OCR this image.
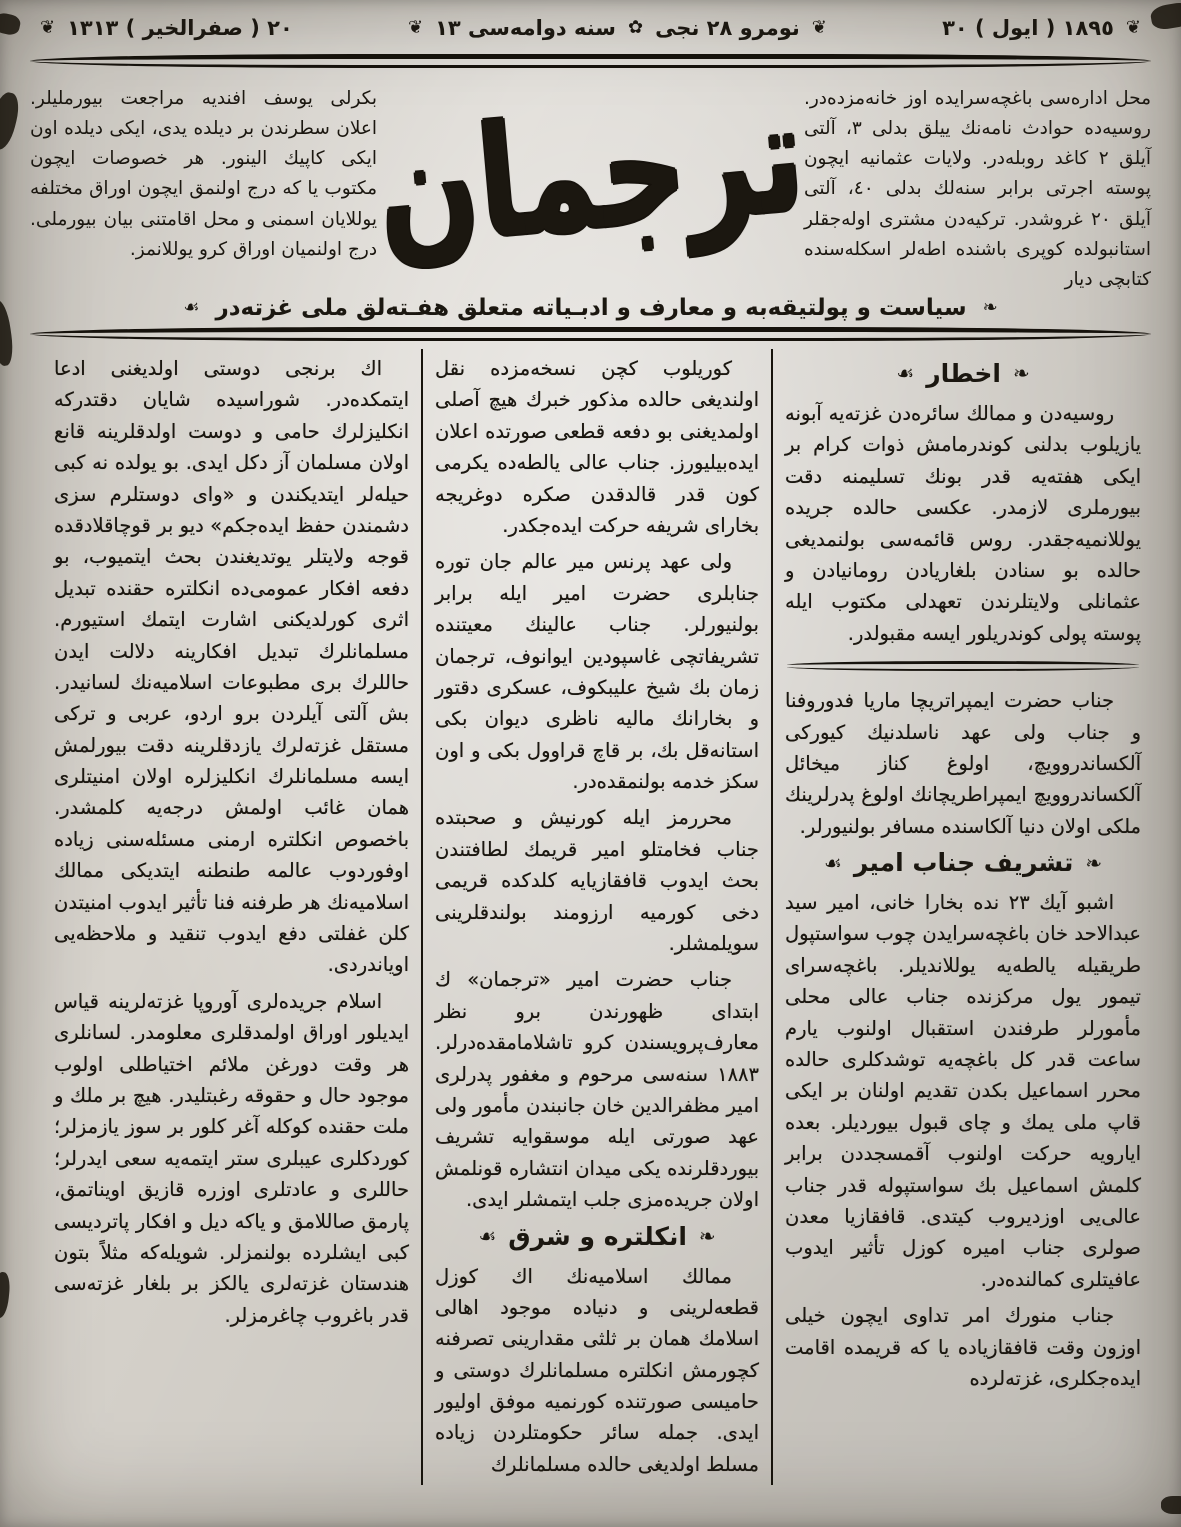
❦
١٨٩٥ ( ايول ) ٣٠
❦
نومرو ٢٨ نجى
✿
سنه دوامه‌سى ١٣
❦
٢٠ ( صفرالخير ) ١٣١٣
❦
محل اداره‌سى باغچه‌سرايده اوز خانه‌مزده‌در. روسيه‌ده حوادث نامه‌نك ييلق بدلى ٣، آلتى آيلق ٢ كاغد روبله‌در. ولايات عثمانيه ايچون پوسته اجرتى برابر سنه‌لك بدلى ٤٠، آلتى آيلق ٢٠ غروشدر. تركيه‌دن مشترى اوله‌جقلر استانبولده كوپرى باشنده اطه‌لر اسكله‌سنده كتابچى ديار
ترجمان
بكرلى يوسف افنديه مراجعت بيورمليلر. اعلان سطرندن بر ديلده يدى، ايكى ديلده اون ايكى كاپيك الينور. هر خصوصات ايچون مكتوب يا كه درج اولنمق ايچون اوراق مختلفه يوللايان اسمنى و محل اقامتنى بيان بيورملى. درج اولنميان اوراق كرو يوللانمز.
❧
سياست و پولتيقه‌به و معارف و ادبـياته متعلق هفـته‌لق ملى غزته‌در
☙
❧
اخطار
☙

روسيه‌دن و ممالك سائره‌دن غزته‌يه آبونه يازيلوب بدلنى كوندرمامش ذوات كرام بر ايكى هفته‌يه قدر بونك تسليمنه دقت بيورملرى لازمدر. عكسى حالده جريده يوللانميه‌جقدر. روس قائمه‌سى بولنمديغى حالده بو سنادن بلغاريادن رومانيادن و عثمانلى ولايتلرندن تعهدلى مكتوب ايله پوسته پولى كوندريلور ايسه مقبولدر.

جناب حضرت ايمپراتريچا ماريا فدوروفنا و جناب ولى عهد ناسلدنيك كيوركى آلكساندروويچ، اولوغ كناز ميخائل آلكساندروويچ ايمپراطريچانك اولوغ پدرلرينك ملكى اولان دنيا آلكاسنده مسافر بولنيورلر.

❧
تشريف جناب امير
☙

اشبو آيك ٢٣ نده بخارا خانى، امير سيد عبدالاحد خان باغچه‌سرايدن چوب سواستپول طريقيله يالطه‌يه يوللانديلر. باغچه‌سراى تيمور يول مركزنده جناب عالى محلى مأمورلر طرفندن استقبال اولنوب يارم ساعت قدر كل باغچه‌يه توشدكلرى حالده محرر اسماعيل بكدن تقديم اولنان بر ايكى قاپ ملى يمك و چاى قبول بيورديلر. بعده ايارويه حركت اولنوب آقمسجددن برابر كلمش اسماعيل بك سواستپوله قدر جناب عالى‌يى اوزديروب كيتدى. قافقازيا معدن صولرى جناب اميره كوزل تأثير ايدوب عافيتلرى كمالنده‌در.

جناب منورك امر تداوى ايچون خيلى اوزون وقت قافقازياده يا كه قريمده اقامت ايده‌جكلرى، غزته‌لرده

كوريلوب كچن نسخه‌مزده نقل اولنديغى حالده مذكور خبرك هيچ آصلى اولمديغنى بو دفعه قطعى صورتده اعلان ايده‌بيليورز. جناب عالى يالطه‌ده يكرمى كون قدر قالدقدن صكره دوغريجه بخاراى شريفه حركت ايده‌جكدر.

ولى عهد پرنس مير عالم جان توره جنابلرى حضرت امير ايله برابر بولنيورلر. جناب عالينك معيتنده تشريفاتچى غاسپودين ايوانوف، ترجمان زمان بك شيخ عليبكوف، عسكرى دقتور و بخارانك ماليه ناظرى ديوان بكى استانه‌قل بك، بر قاچ قراوول بكى و اون سكز خدمه بولنمقده‌در.

محررمز ايله كورنيش و صحبتده جناب فخامتلو امير قريمك لطافتندن بحث ايدوب قافقازيايه كلدكده قريمى دخى كورميه ارزومند بولندقلرينى سويلمشلر.

جناب حضرت امير «ترجمان» ك ابتداى ظهورندن برو نظر معارف‌پرويسندن كرو تاشلامامقده‌درلر. ١٨٨٣ سنه‌سى مرحوم و مغفور پدرلرى امير مظفرالدين خان جانبندن مأمور ولى عهد صورتى ايله موسقوايه تشريف بيوردقلرنده يكى ميدان انتشاره قونلمش اولان جريده‌مزى جلب ايتمشلر ايدى.

❧
انكلتره و شرق
☙

ممالك اسلاميه‌نك اك كوزل قطعه‌لرينى و دنياده موجود اهالى اسلامك همان بر ثلثى مقدارينى تصرفنه كچورمش انكلتره مسلمانلرك دوستى و حاميسى صورتنده كورنميه موفق اوليور ايدى. جمله سائر حكومتلردن زياده مسلط اولديغى حالده مسلمانلرك

اك برنجى دوستى اولديغنى ادعا ايتمكده‌در. شوراسيده شايان دقتدركه انكليزلرك حامى و دوست اولدقلرينه قانع اولان مسلمان آز دكل ايدى. بو يولده نه كبى حيله‌لر ايتديكندن و «واى دوستلرم سزى دشمندن حفظ ايده‌جكم» ديو بر قوچاقلادقده قوجه ولايتلر يوتديغندن بحث ايتميوب، بو دفعه افكار عمومى‌ده انكلتره حقنده تبديل اثرى كورلديكنى اشارت ايتمك استيورم. مسلمانلرك تبديل افكارينه دلالت ايدن حاللرك برى مطبوعات اسلاميه‌نك لسانيدر. بش آلتى آيلردن برو اردو، عربى و تركى مستقل غزته‌لرك يازدقلرينه دقت بيورلمش ايسه مسلمانلرك انكليزلره اولان امنيتلرى همان غائب اولمش درجه‌يه كلمشدر. باخصوص انكلتره ارمنى مسئله‌سنى زياده اوفوردوب عالمه طنطنه ايتديكى ممالك اسلاميه‌نك هر طرفنه فنا تأثير ايدوب امنيتدن كلن غفلتى دفع ايدوب تنقيد و ملاحظه‌يى اوياندردى.

اسلام جريده‌لرى آوروپا غزته‌لرينه قياس ايديلور اوراق اولمدقلرى معلومدر. لسانلرى هر وقت دورغن ملائم اختياطلى اولوب موجود حال و حقوقه رغبتليدر. هيچ بر ملك و ملت حقنده كوكله آغر كلور بر سوز يازمزلر؛ كوردكلرى عيبلرى ستر ايتمه‌يه سعى ايدرلر؛ حاللرى و عادتلرى اوزره قازيق اويناتمق، پارمق صاللامق و ياكه ديل و افكار پاترديسى كبى ايشلرده بولنمزلر. شويله‌كه مثلاً بتون هندستان غزته‌لرى يالكز بر بلغار غزته‌سى قدر باغروب چاغرمزلر.
